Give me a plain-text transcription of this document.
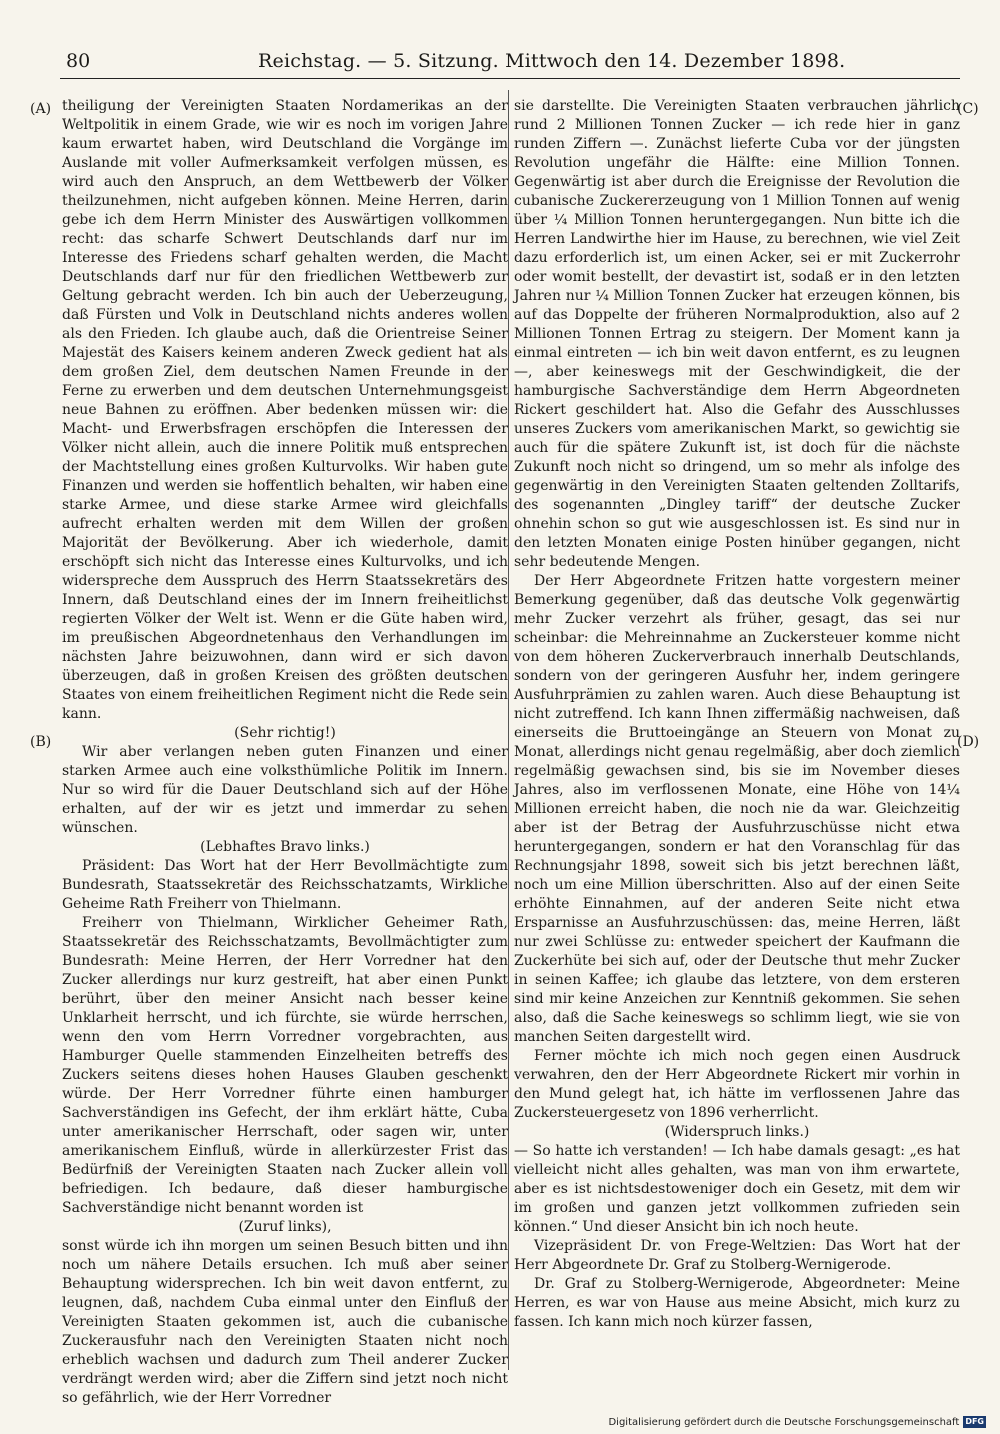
80	Reichstag. — 5. Sitzung. Mittwoch den 14. Dezember 1898.
(A)
(B)
(C)
(D)

theiligung der Vereinigten Staaten Nordamerikas an der Weltpolitik in einem Grade, wie wir es noch im vorigen Jahre kaum erwartet haben, wird Deutschland die Vorgänge im Auslande mit voller Aufmerksamkeit verfolgen müssen, es wird auch den Anspruch, an dem Wettbewerb der Völker theilzunehmen, nicht aufgeben können. Meine Herren, darin gebe ich dem Herrn Minister des Auswärtigen vollkommen recht: das scharfe Schwert Deutschlands darf nur im Interesse des Friedens scharf gehalten werden, die Macht Deutschlands darf nur für den friedlichen Wettbewerb zur Geltung gebracht werden. Ich bin auch der Ueberzeugung, daß Fürsten und Volk in Deutschland nichts anderes wollen als den Frieden. Ich glaube auch, daß die Orientreise Seiner Majestät des Kaisers keinem anderen Zweck gedient hat als dem großen Ziel, dem deutschen Namen Freunde in der Ferne zu erwerben und dem deutschen Unternehmungsgeist neue Bahnen zu eröffnen. Aber bedenken müssen wir: die Macht- und Erwerbsfragen erschöpfen die Interessen der Völker nicht allein, auch die innere Politik muß entsprechen der Machtstellung eines großen Kulturvolks. Wir haben gute Finanzen und werden sie hoffentlich behalten, wir haben eine starke Armee, und diese starke Armee wird gleichfalls aufrecht erhalten werden mit dem Willen der großen Majorität der Bevölkerung. Aber ich wiederhole, damit erschöpft sich nicht das Interesse eines Kulturvolks, und ich widerspreche dem Ausspruch des Herrn Staatssekretärs des Innern, daß Deutschland eines der im Innern freiheitlichst regierten Völker der Welt ist. Wenn er die Güte haben wird, im preußischen Abgeordnetenhaus den Verhandlungen im nächsten Jahre beizuwohnen, dann wird er sich davon überzeugen, daß in großen Kreisen des größten deutschen Staates von einem freiheitlichen Regiment nicht die Rede sein kann.

(Sehr richtig!)

Wir aber verlangen neben guten Finanzen und einer starken Armee auch eine volksthümliche Politik im Innern. Nur so wird für die Dauer Deutschland sich auf der Höhe erhalten, auf der wir es jetzt und immerdar zu sehen wünschen.

(Lebhaftes Bravo links.)

Präsident: Das Wort hat der Herr Bevollmächtigte zum Bundesrath, Staatssekretär des Reichsschatzamts, Wirkliche Geheime Rath Freiherr von Thielmann.

Freiherr von Thielmann, Wirklicher Geheimer Rath, Staatssekretär des Reichsschatzamts, Bevollmächtigter zum Bundesrath: Meine Herren, der Herr Vorredner hat den Zucker allerdings nur kurz gestreift, hat aber einen Punkt berührt, über den meiner Ansicht nach besser keine Unklarheit herrscht, und ich fürchte, sie würde herrschen, wenn den vom Herrn Vorredner vorgebrachten, aus Hamburger Quelle stammenden Einzelheiten betreffs des Zuckers seitens dieses hohen Hauses Glauben geschenkt würde. Der Herr Vorredner führte einen hamburger Sachverständigen ins Gefecht, der ihm erklärt hätte, Cuba unter amerikanischer Herrschaft, oder sagen wir, unter amerikanischem Einfluß, würde in allerkürzester Frist das Bedürfniß der Vereinigten Staaten nach Zucker allein voll befriedigen. Ich bedaure, daß dieser hamburgische Sachverständige nicht benannt worden ist

(Zuruf links),

sonst würde ich ihn morgen um seinen Besuch bitten und ihn noch um nähere Details ersuchen. Ich muß aber seiner Behauptung widersprechen. Ich bin weit davon entfernt, zu leugnen, daß, nachdem Cuba einmal unter den Einfluß der Vereinigten Staaten gekommen ist, auch die cubanische Zuckerausfuhr nach den Vereinigten Staaten nicht noch erheblich wachsen und dadurch zum Theil anderer Zucker verdrängt werden wird; aber die Ziffern sind jetzt noch nicht so gefährlich, wie der Herr Vorredner

sie darstellte. Die Vereinigten Staaten verbrauchen jährlich rund 2 Millionen Tonnen Zucker — ich rede hier in ganz runden Ziffern —. Zunächst lieferte Cuba vor der jüngsten Revolution ungefähr die Hälfte: eine Million Tonnen. Gegenwärtig ist aber durch die Ereignisse der Revolution die cubanische Zuckererzeugung von 1 Million Tonnen auf wenig über ¼ Million Tonnen heruntergegangen. Nun bitte ich die Herren Landwirthe hier im Hause, zu berechnen, wie viel Zeit dazu erforderlich ist, um einen Acker, sei er mit Zuckerrohr oder womit bestellt, der devastirt ist, sodaß er in den letzten Jahren nur ¼ Million Tonnen Zucker hat erzeugen können, bis auf das Doppelte der früheren Normalproduktion, also auf 2 Millionen Tonnen Ertrag zu steigern. Der Moment kann ja einmal eintreten — ich bin weit davon entfernt, es zu leugnen —, aber keineswegs mit der Geschwindigkeit, die der hamburgische Sachverständige dem Herrn Abgeordneten Rickert geschildert hat. Also die Gefahr des Ausschlusses unseres Zuckers vom amerikanischen Markt, so gewichtig sie auch für die spätere Zukunft ist, ist doch für die nächste Zukunft noch nicht so dringend, um so mehr als infolge des gegenwärtig in den Vereinigten Staaten geltenden Zolltarifs, des sogenannten „Dingley tariff“ der deutsche Zucker ohnehin schon so gut wie ausgeschlossen ist. Es sind nur in den letzten Monaten einige Posten hinüber gegangen, nicht sehr bedeutende Mengen.

Der Herr Abgeordnete Fritzen hatte vorgestern meiner Bemerkung gegenüber, daß das deutsche Volk gegenwärtig mehr Zucker verzehrt als früher, gesagt, das sei nur scheinbar: die Mehreinnahme an Zuckersteuer komme nicht von dem höheren Zuckerverbrauch innerhalb Deutschlands, sondern von der geringeren Ausfuhr her, indem geringere Ausfuhrprämien zu zahlen waren. Auch diese Behauptung ist nicht zutreffend. Ich kann Ihnen ziffermäßig nachweisen, daß einerseits die Bruttoeingänge an Steuern von Monat zu Monat, allerdings nicht genau regelmäßig, aber doch ziemlich regelmäßig gewachsen sind, bis sie im November dieses Jahres, also im verflossenen Monate, eine Höhe von 14¼ Millionen erreicht haben, die noch nie da war. Gleichzeitig aber ist der Betrag der Ausfuhrzuschüsse nicht etwa heruntergegangen, sondern er hat den Voranschlag für das Rechnungsjahr 1898, soweit sich bis jetzt berechnen läßt, noch um eine Million überschritten. Also auf der einen Seite erhöhte Einnahmen, auf der anderen Seite nicht etwa Ersparnisse an Ausfuhrzuschüssen: das, meine Herren, läßt nur zwei Schlüsse zu: entweder speichert der Kaufmann die Zuckerhüte bei sich auf, oder der Deutsche thut mehr Zucker in seinen Kaffee; ich glaube das letztere, von dem ersteren sind mir keine Anzeichen zur Kenntniß gekommen. Sie sehen also, daß die Sache keineswegs so schlimm liegt, wie sie von manchen Seiten dargestellt wird.

Ferner möchte ich mich noch gegen einen Ausdruck verwahren, den der Herr Abgeordnete Rickert mir vorhin in den Mund gelegt hat, ich hätte im verflossenen Jahre das Zuckersteuergesetz von 1896 verherrlicht.

(Widerspruch links.)

— So hatte ich verstanden! — Ich habe damals gesagt: „es hat vielleicht nicht alles gehalten, was man von ihm erwartete, aber es ist nichtsdestoweniger doch ein Gesetz, mit dem wir im großen und ganzen jetzt vollkommen zufrieden sein können.“ Und dieser Ansicht bin ich noch heute.

Vizepräsident Dr. von Frege-Weltzien: Das Wort hat der Herr Abgeordnete Dr. Graf zu Stolberg-Wernigerode.

Dr. Graf zu Stolberg-Wernigerode, Abgeordneter: Meine Herren, es war von Hause aus meine Absicht, mich kurz zu fassen. Ich kann mich noch kürzer fassen,

Digitalisierung gefördert durch die Deutsche Forschungsgemeinschaft DFG
